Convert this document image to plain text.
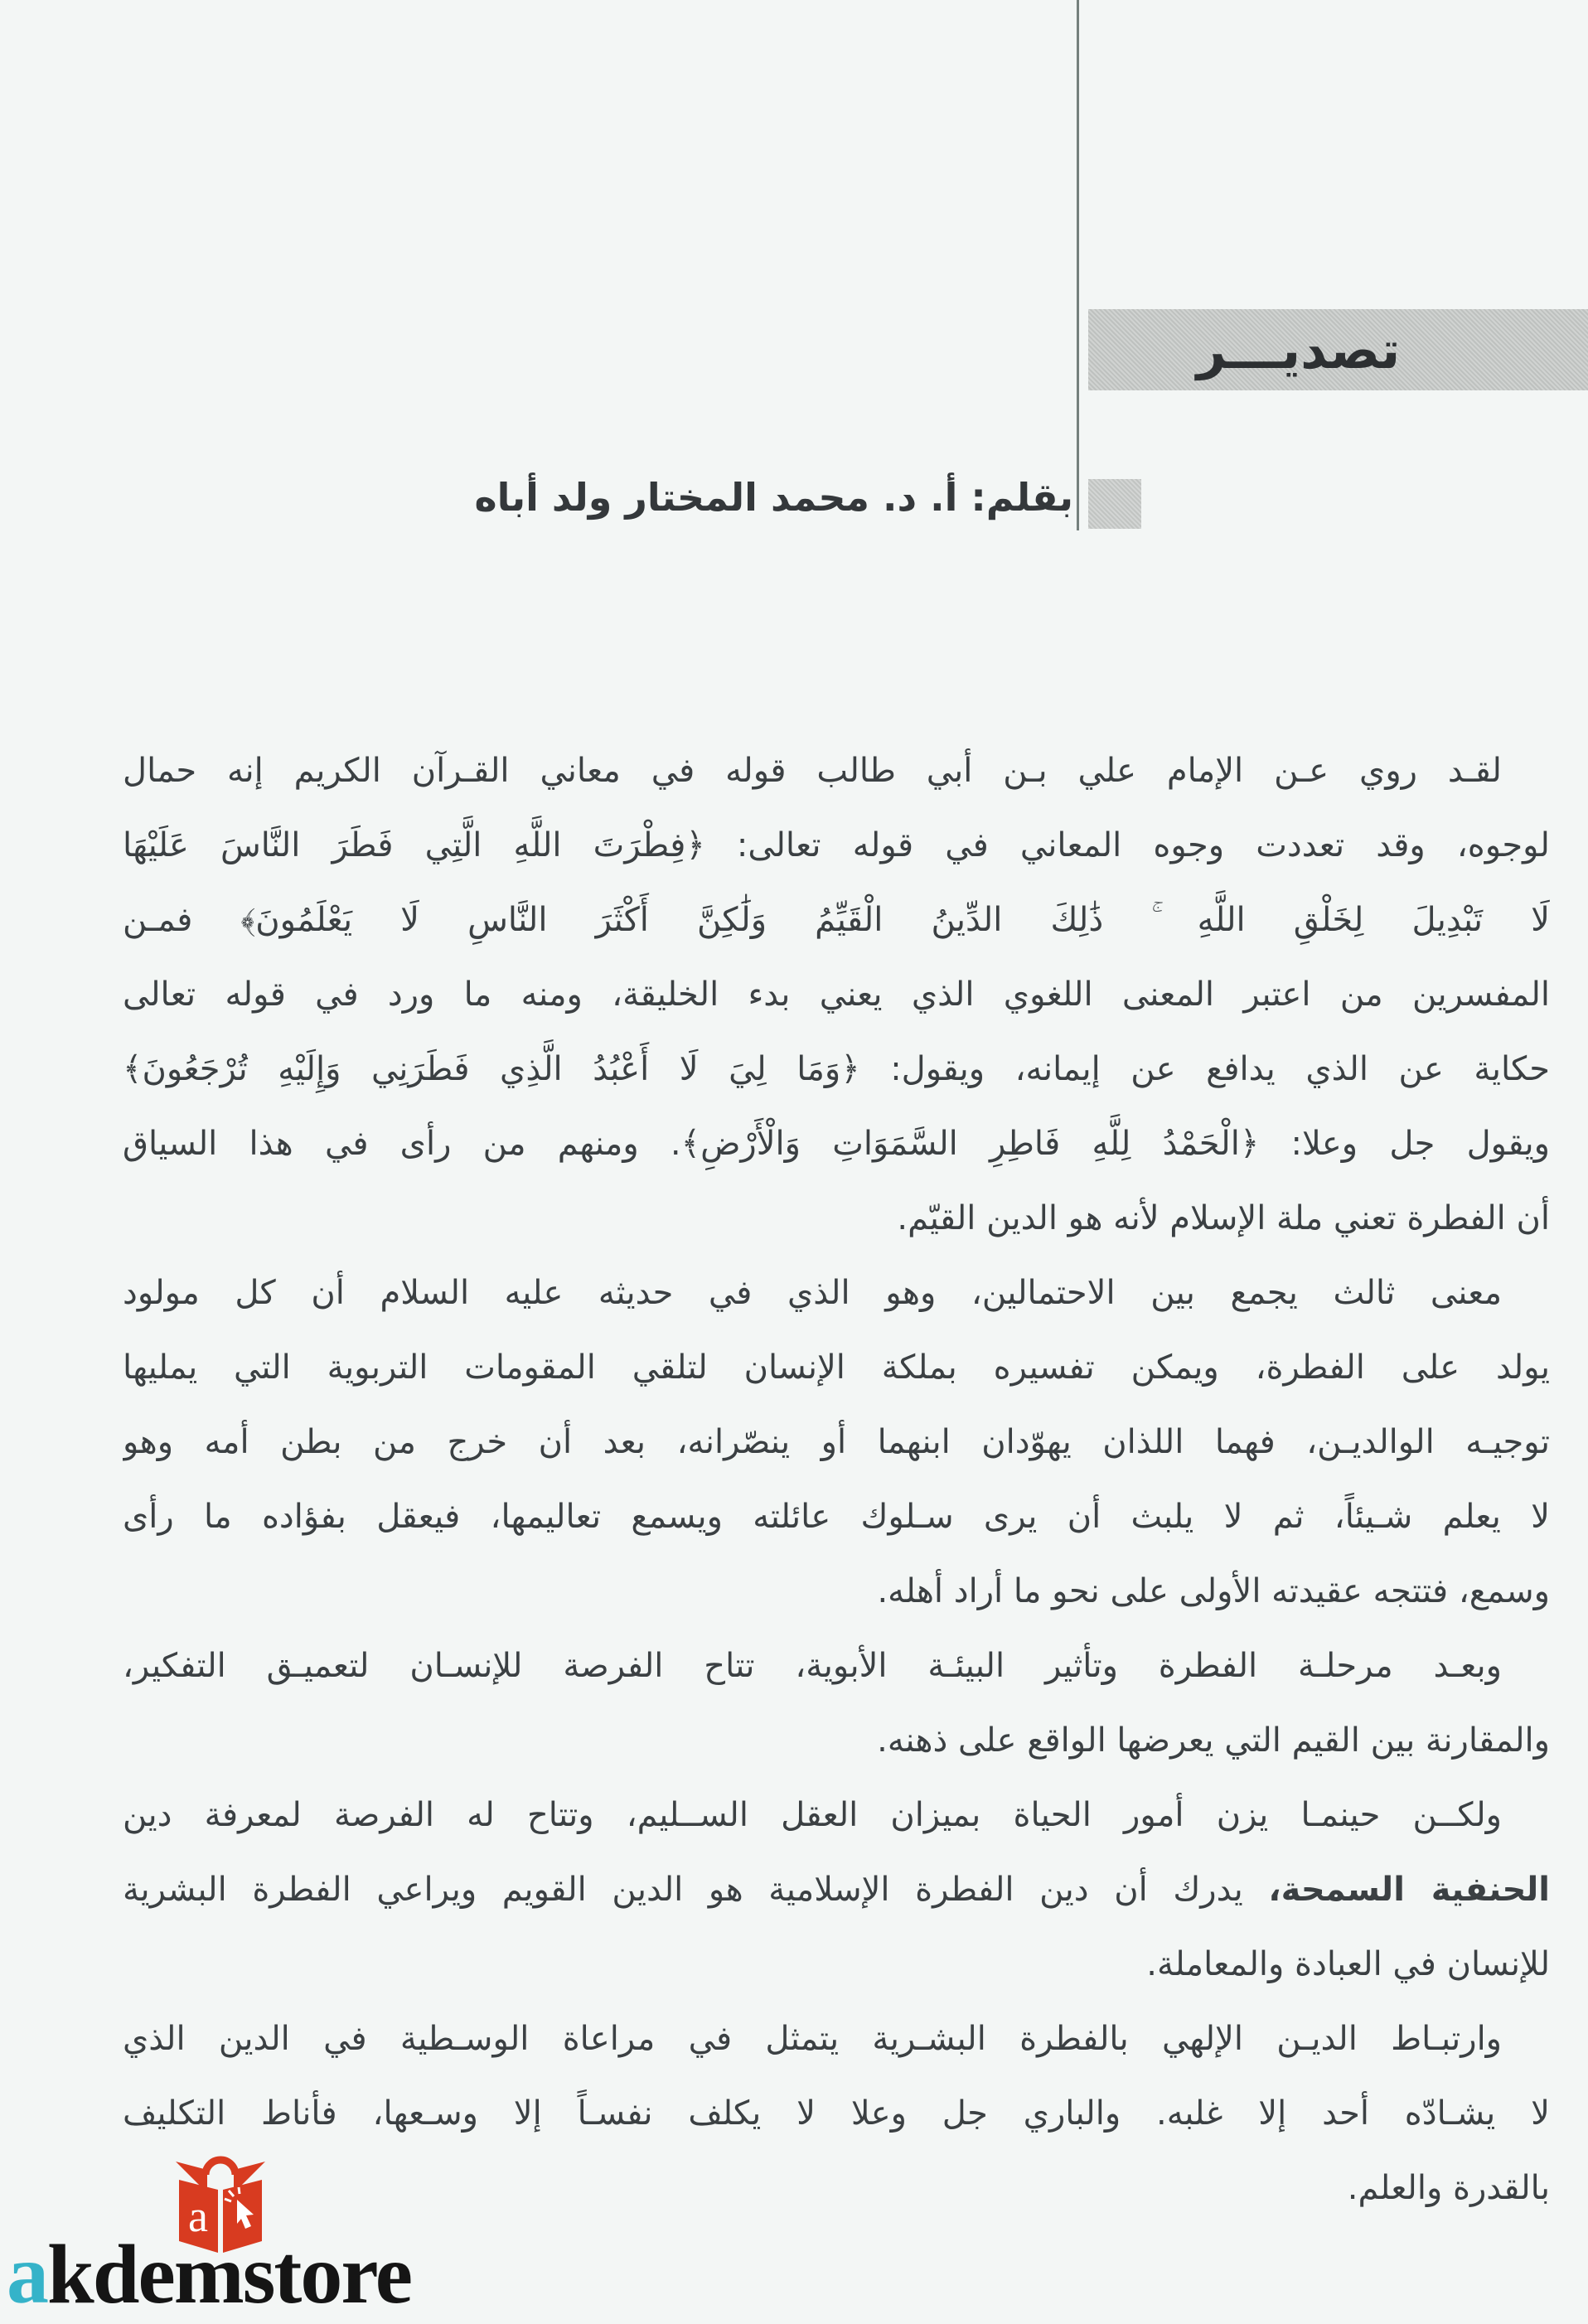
تصديـــر
بقلم: أ. د. محمد المختار ولد أباه
لقـد روي عـن الإمام علي بـن أبي طالب قوله في معاني القـرآن الكريم إنه حمال
لوجوه، وقد تعددت وجوه المعاني في قوله تعالى: ﴿فِطْرَتَ اللَّهِ الَّتِي فَطَرَ النَّاسَ عَلَيْهَا
لَا تَبْدِيلَ لِخَلْقِ اللَّهِ ۚ ذَٰلِكَ الدِّينُ الْقَيِّمُ وَلَٰكِنَّ أَكْثَرَ النَّاسِ لَا يَعْلَمُونَ﴾ فمـن
المفسرين من اعتبر المعنى اللغوي الذي يعني بدء الخليقة، ومنه ما ورد في قوله تعالى
حكاية عن الذي يدافع عن إيمانه، ويقول: ﴿وَمَا لِيَ لَا أَعْبُدُ الَّذِي فَطَرَنِي وَإِلَيْهِ تُرْجَعُونَ﴾
ويقول جل وعلا: ﴿الْحَمْدُ لِلَّهِ فَاطِرِ السَّمَوَاتِ وَالْأَرْضِ﴾. ومنهم من رأى في هذا السياق
أن الفطرة تعني ملة الإسلام لأنه هو الدين القيّم.
معنى ثالث يجمع بين الاحتمالين، وهو الذي في حديثه عليه السلام أن كل مولود
يولد على الفطرة، ويمكن تفسيره بملكة الإنسان لتلقي المقومات التربوية التي يمليها
توجيـه الوالديـن، فهما اللذان يهوّدان ابنهما أو ينصّرانه، بعد أن خرج من بطن أمه وهو
لا يعلم شـيئاً، ثم لا يلبث أن يرى سـلوك عائلته ويسمع تعاليمها، فيعقل بفؤاده ما رأى
وسمع، فتتجه عقيدته الأولى على نحو ما أراد أهله.
وبعـد مرحلـة الفطرة وتأثير البيئـة الأبوية، تتاح الفرصة للإنسـان لتعميـق التفكير،
والمقارنة بين القيم التي يعرضها الواقع على ذهنه.
ولكــن حينمـا يزن أمور الحياة بميزان العقل الســليم، وتتاح له الفرصة لمعرفة دين
الحنفية السمحة، يدرك أن دين الفطرة الإسلامية هو الدين القويم ويراعي الفطرة البشرية
للإنسان في العبادة والمعاملة.
وارتبـاط الديـن الإلهي بالفطرة البشـرية يتمثل في مراعاة الوسـطية في الدين الذي
لا يشـادّه أحد إلا غلبه. والباري جل وعلا لا يكلف نفسـاً إلا وسـعها، فأناط التكليف
بالقدرة والعلم.
a
akdemstore
